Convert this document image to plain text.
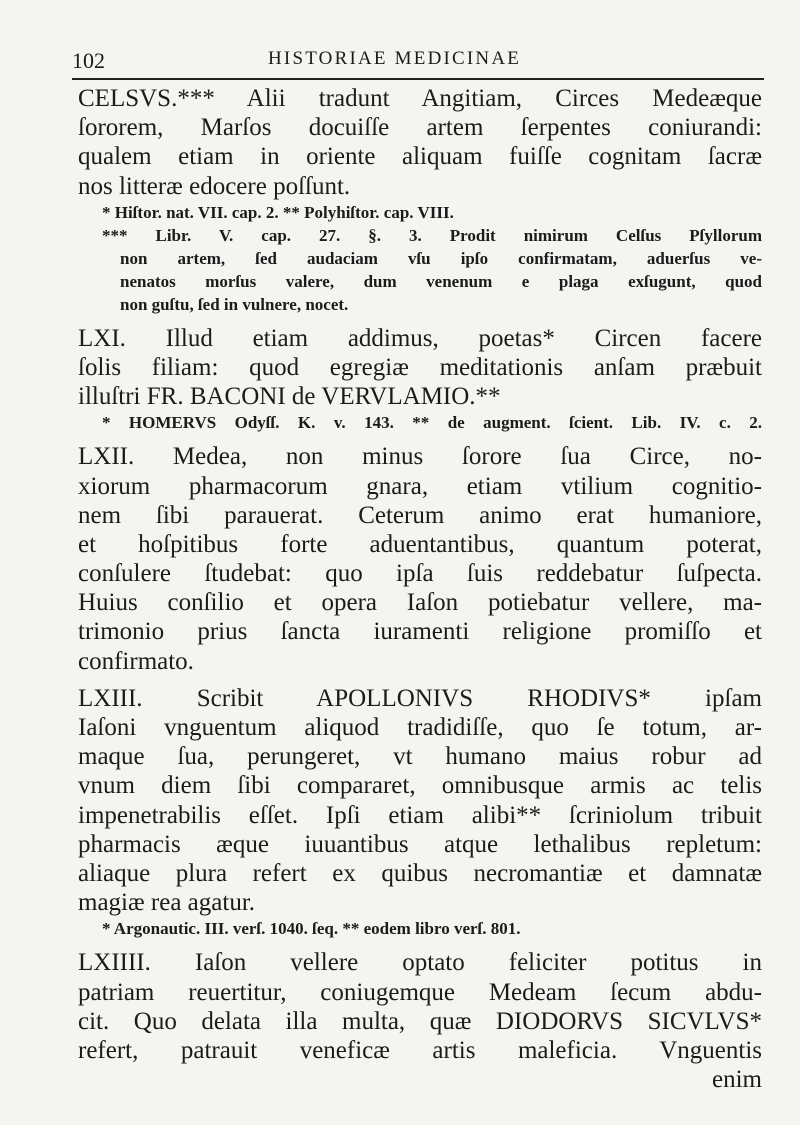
102	HISTORIAE MEDICINAE
CELSVS.*** Alii tradunt Angitiam, Circes Medeæque
ſororem, Marſos docuiſſe artem ſerpentes coniurandi:
qualem etiam in oriente aliquam fuiſſe cognitam ſacræ
nos litteræ edocere poſſunt.
* Hiſtor. nat. VII. cap. 2. ** Polyhiſtor. cap. VIII.
*** Libr. V. cap. 27. §. 3. Prodit nimirum Celſus Pſyllorum
non artem, ſed audaciam vſu ipſo confirmatam, aduerſus ve-
nenatos morſus valere, dum venenum e plaga exſugunt, quod
non guſtu, ſed in vulnere, nocet.
LXI. Illud etiam addimus, poetas* Circen facere
ſolis filiam: quod egregiæ meditationis anſam præbuit
illuſtri FR. BACONI de VERVLAMIO.**
* HOMERVS Odyſſ. K. v. 143. ** de augment. ſcient. Lib. IV. c. 2.
LXII. Medea, non minus ſorore ſua Circe, no-
xiorum pharmacorum gnara, etiam vtilium cognitio-
nem ſibi parauerat. Ceterum animo erat humaniore,
et hoſpitibus forte aduentantibus, quantum poterat,
conſulere ſtudebat: quo ipſa ſuis reddebatur ſuſpecta.
Huius conſilio et opera Iaſon potiebatur vellere, ma-
trimonio prius ſancta iuramenti religione promiſſo et
confirmato.
LXIII. Scribit APOLLONIVS RHODIVS* ipſam
Iaſoni vnguentum aliquod tradidiſſe, quo ſe totum, ar-
maque ſua, perungeret, vt humano maius robur ad
vnum diem ſibi compararet, omnibusque armis ac telis
impenetrabilis eſſet. Ipſi etiam alibi** ſcriniolum tribuit
pharmacis æque iuuantibus atque lethalibus repletum:
aliaque plura refert ex quibus necromantiæ et damnatæ
magiæ rea agatur.
* Argonautic. III. verſ. 1040. ſeq. ** eodem libro verſ. 801.
LXIIII. Iaſon vellere optato feliciter potitus in
patriam reuertitur, coniugemque Medeam ſecum abdu-
cit. Quo delata illa multa, quæ DIODORVS SICVLVS*
refert, patrauit veneficæ artis maleficia. Vnguentis
enim
